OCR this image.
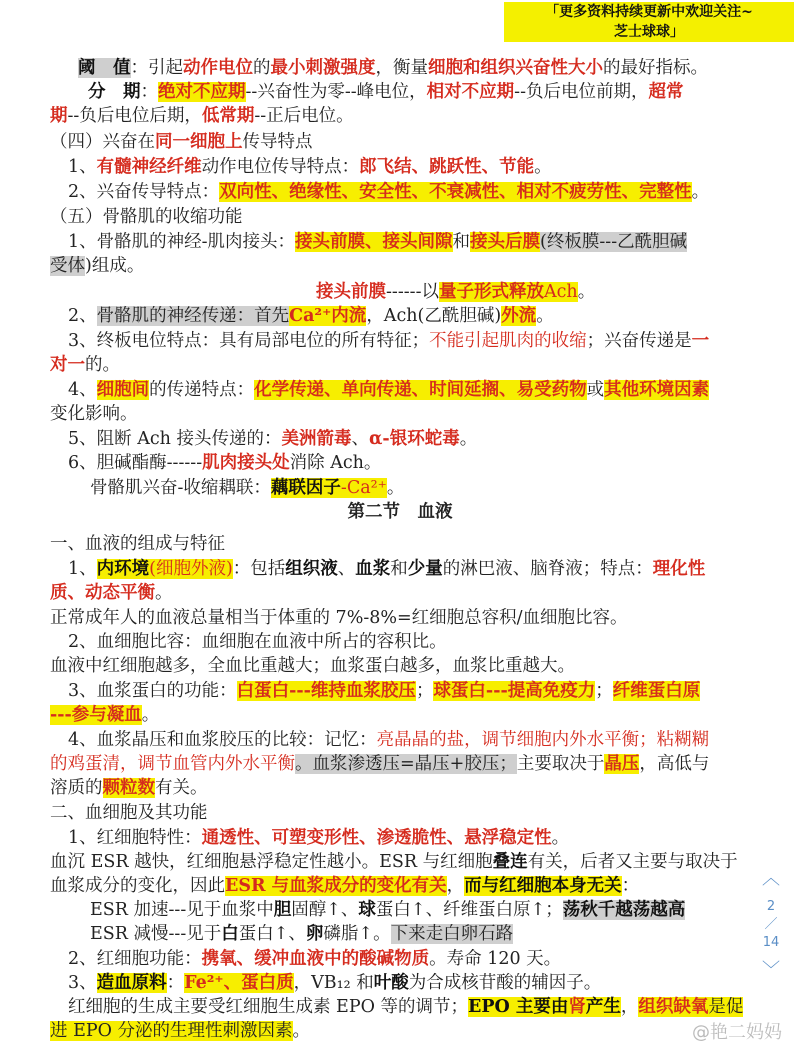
「更多资料持续更新中欢迎关注~
芝士球球」
阈　值：引起动作电位的最小刺激强度，衡量细胞和组织兴奋性大小的最好指标。
分　期：绝对不应期--兴奋性为零--峰电位，相对不应期--负后电位前期，超常
期--负后电位后期，低常期--正后电位。
（四）兴奋在同一细胞上传导特点
1、有髓神经纤维动作电位传导特点：郎飞结、跳跃性、节能。
2、兴奋传导特点：双向性、绝缘性、安全性、不衰减性、相对不疲劳性、完整性。
（五）骨骼肌的收缩功能
1、骨骼肌的神经-肌肉接头：接头前膜、接头间隙和接头后膜(终板膜---乙酰胆碱
受体)组成。
接头前膜------以量子形式释放Ach。
2、骨骼肌的神经传递：首先Ca²⁺内流，Ach(乙酰胆碱)外流。
3、终板电位特点：具有局部电位的所有特征；不能引起肌肉的收缩；兴奋传递是一
对一的。
4、细胞间的传递特点：化学传递、单向传递、时间延搁、易受药物或其他环境因素
变化影响。
5、阻断 Ach 接头传递的：美洲箭毒、α-银环蛇毒。
6、胆碱酯酶------肌肉接头处消除 Ach。
骨骼肌兴奋-收缩耦联：藕联因子-Ca²⁺。
一、血液的组成与特征
1、内环境(细胞外液)：包括组织液、血浆和少量的淋巴液、脑脊液；特点：理化性
质、动态平衡。
正常成年人的血液总量相当于体重的 7%-8%=红细胞总容积/血细胞比容。
2、血细胞比容：血细胞在血液中所占的容积比。
血液中红细胞越多，全血比重越大；血浆蛋白越多，血浆比重越大。
3、血浆蛋白的功能：白蛋白---维持血浆胶压；球蛋白---提高免疫力；纤维蛋白原
---参与凝血。
4、血浆晶压和血浆胶压的比较：记忆：亮晶晶的盐，调节细胞内外水平衡；粘糊糊
的鸡蛋清，调节血管内外水平衡。血浆渗透压=晶压+胶压；主要取决于晶压，高低与
溶质的颗粒数有关。
二、血细胞及其功能
1、红细胞特性：通透性、可塑变形性、渗透脆性、悬浮稳定性。
血沉 ESR 越快，红细胞悬浮稳定性越小。ESR 与红细胞叠连有关，后者又主要与取决于
血浆成分的变化，因此ESR 与血浆成分的变化有关，而与红细胞本身无关：
ESR 加速---见于血浆中胆固醇↑、球蛋白↑、纤维蛋白原↑；荡秋千越荡越高
ESR 减慢---见于白蛋白↑、卵磷脂↑。下来走白卵石路
2、红细胞功能：携氧、缓冲血液中的酸碱物质。寿命 120 天。
3、造血原料：Fe²⁺、蛋白质，VB₁₂ 和叶酸为合成核苷酸的辅因子。
红细胞的生成主要受红细胞生成素 EPO 等的调节；EPO 主要由肾产生，组织缺氧是促
进 EPO 分泌的生理性刺激因素。
第二节　血液
︿
2
／
14
﹀
@艳二妈妈
